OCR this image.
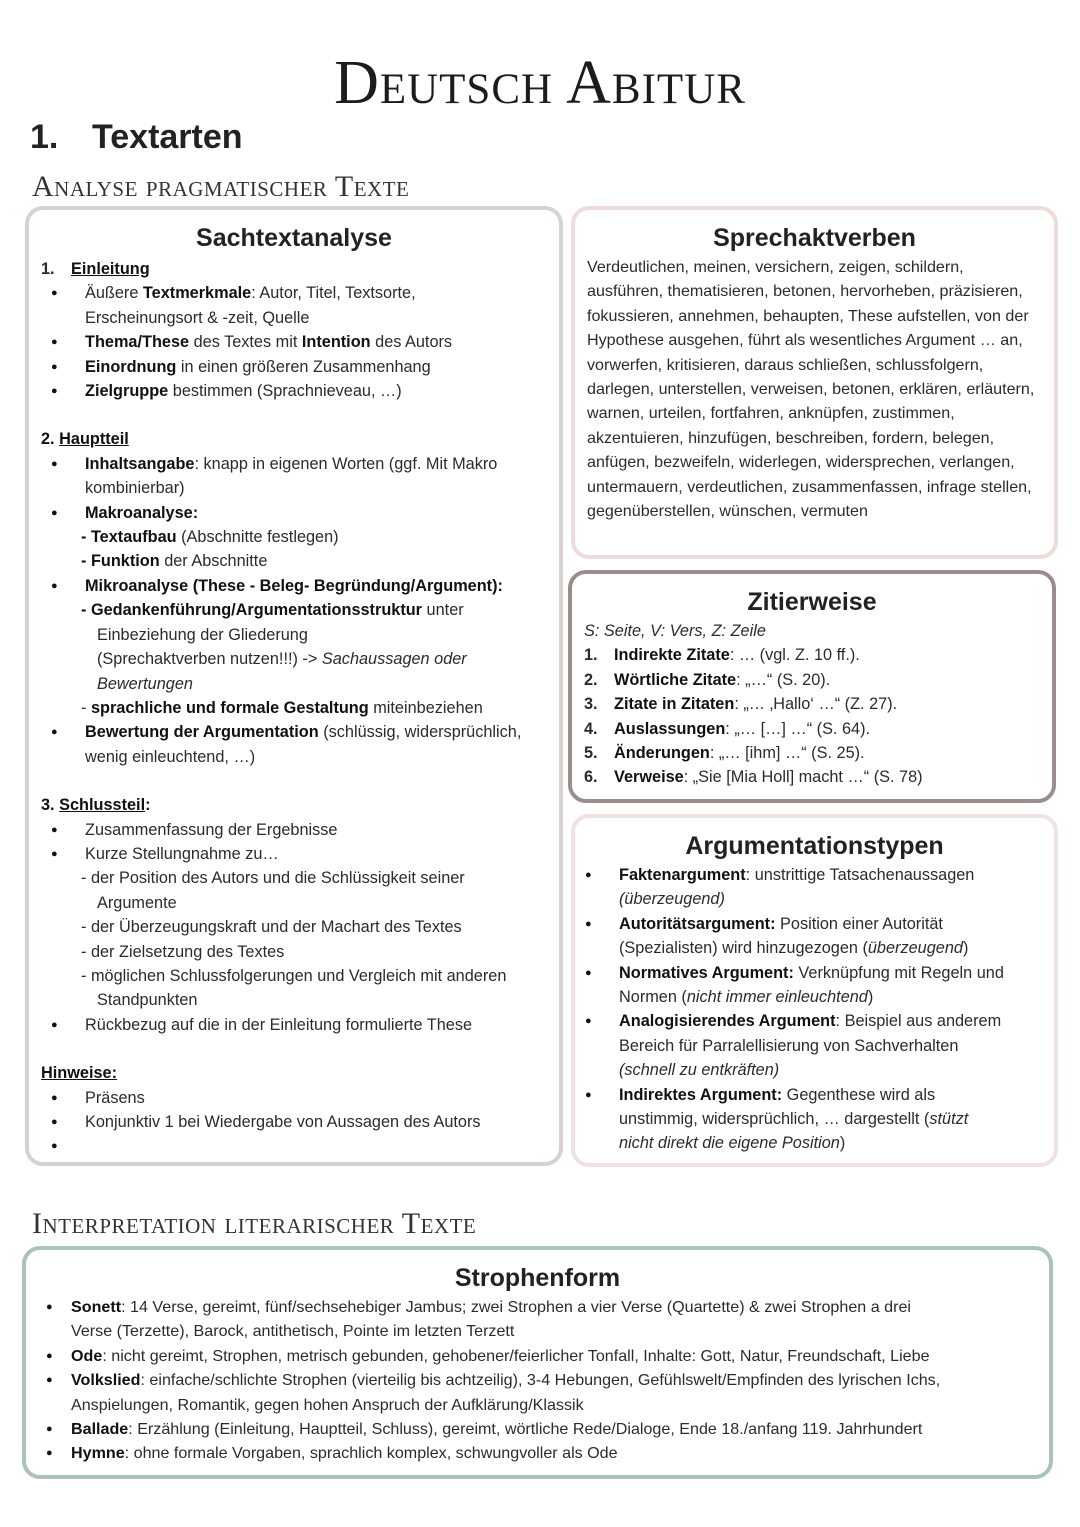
Deutsch Abitur
1. Textarten
Analyse pragmatischer Texte
Sachtextanalyse
1. Einleitung
● Äußere Textmerkmale: Autor, Titel, Textsorte,
Erscheinungsort & -zeit, Quelle
● Thema/These des Textes mit Intention des Autors
● Einordnung in einen größeren Zusammenhang
● Zielgruppe bestimmen (Sprachnieveau, …)
2. Hauptteil
● Inhaltsangabe: knapp in eigenen Worten (ggf. Mit Makro
kombinierbar)
● Makroanalyse:
- Textaufbau (Abschnitte festlegen)
- Funktion der Abschnitte
● Mikroanalyse (These - Beleg- Begründung/Argument):
- Gedankenführung/Argumentationsstruktur unter
Einbeziehung der Gliederung
(Sprechaktverben nutzen!!!) -> Sachaussagen oder
Bewertungen
- sprachliche und formale Gestaltung miteinbeziehen
● Bewertung der Argumentation (schlüssig, widersprüchlich,
wenig einleuchtend, …)
3. Schlussteil:
● Zusammenfassung der Ergebnisse
● Kurze Stellungnahme zu…
- der Position des Autors und die Schlüssigkeit seiner
Argumente
- der Überzeugungskraft und der Machart des Textes
- der Zielsetzung des Textes
- möglichen Schlussfolgerungen und Vergleich mit anderen
Standpunkten
● Rückbezug auf die in der Einleitung formulierte These
Hinweise:
● Präsens
● Konjunktiv 1 bei Wiedergabe von Aussagen des Autors
●
Sprechaktverben
Verdeutlichen, meinen, versichern, zeigen, schildern, ausführen, thematisieren, betonen, hervorheben, präzisieren, fokussieren, annehmen, behaupten, These aufstellen, von der Hypothese ausgehen, führt als wesentliches Argument … an, vorwerfen, kritisieren, daraus schließen, schlussfolgern, darlegen, unterstellen, verweisen, betonen, erklären, erläutern, warnen, urteilen, fortfahren, anknüpfen, zustimmen, akzentuieren, hinzufügen, beschreiben, fordern, belegen, anfügen, bezweifeln, widerlegen, widersprechen, verlangen, untermauern, verdeutlichen, zusammenfassen, infrage stellen, gegenüberstellen, wünschen, vermuten
Zitierweise
S: Seite, V: Vers, Z: Zeile
1. Indirekte Zitate: … (vgl. Z. 10 ff.).
2. Wörtliche Zitate: „…“ (S. 20).
3. Zitate in Zitaten: „… ‚Hallo‘ …“ (Z. 27).
4. Auslassungen: „… […] …“ (S. 64).
5. Änderungen: „… [ihm] …“ (S. 25).
6. Verweise: „Sie [Mia Holl] macht …“ (S. 78)
Argumentationstypen
● Faktenargument: unstrittige Tatsachenaussagen
(überzeugend)
● Autoritätsargument: Position einer Autorität
(Spezialisten) wird hinzugezogen (überzeugend)
● Normatives Argument: Verknüpfung mit Regeln und
Normen (nicht immer einleuchtend)
● Analogisierendes Argument: Beispiel aus anderem
Bereich für Parralellisierung von Sachverhalten
(schnell zu entkräften)
● Indirektes Argument: Gegenthese wird als
unstimmig, widersprüchlich, … dargestellt (stützt
nicht direkt die eigene Position)
Interpretation literarischer Texte
Strophenform
● Sonett: 14 Verse, gereimt, fünf/sechsehebiger Jambus; zwei Strophen a vier Verse (Quartette) & zwei Strophen a drei
Verse (Terzette), Barock, antithetisch, Pointe im letzten Terzett
● Ode: nicht gereimt, Strophen, metrisch gebunden, gehobener/feierlicher Tonfall, Inhalte: Gott, Natur, Freundschaft, Liebe
● Volkslied: einfache/schlichte Strophen (vierteilig bis achtzeilig), 3-4 Hebungen, Gefühlswelt/Empfinden des lyrischen Ichs,
Anspielungen, Romantik, gegen hohen Anspruch der Aufklärung/Klassik
● Ballade: Erzählung (Einleitung, Hauptteil, Schluss), gereimt, wörtliche Rede/Dialoge, Ende 18./anfang 119. Jahrhundert
● Hymne: ohne formale Vorgaben, sprachlich komplex, schwungvoller als Ode
